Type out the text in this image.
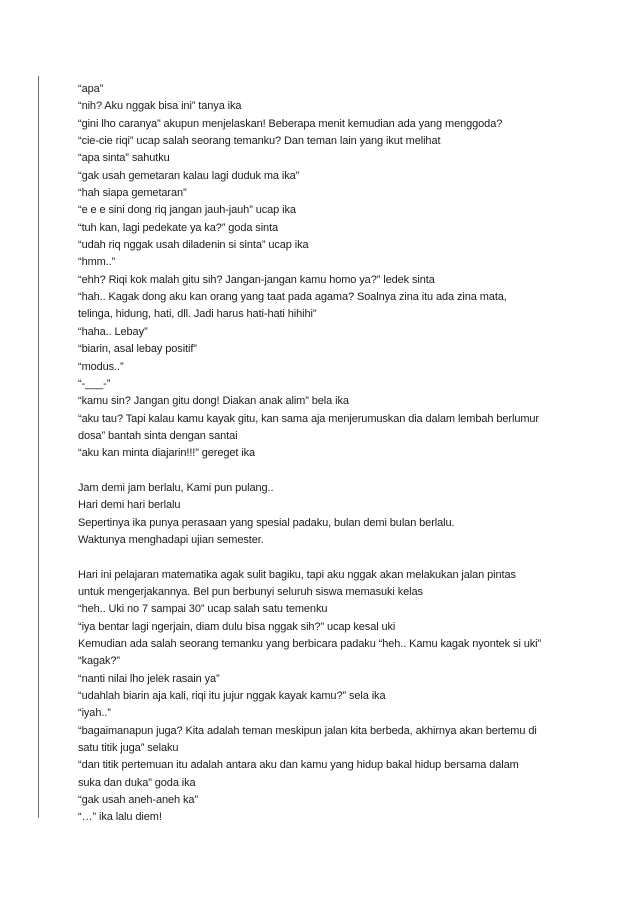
“apa”
“nih? Aku nggak bisa ini” tanya ika
“gini lho caranya” akupun menjelaskan! Beberapa menit kemudian ada yang menggoda?
“cie-cie riqi” ucap salah seorang temanku? Dan teman lain yang ikut melihat
“apa sinta” sahutku
“gak usah gemetaran kalau lagi duduk ma ika”
“hah siapa gemetaran”
“e e e sini dong riq jangan jauh-jauh” ucap ika
“tuh kan, lagi pedekate ya ka?” goda sinta
“udah riq nggak usah diladenin si sinta” ucap ika
“hmm..”
“ehh? Riqi kok malah gitu sih? Jangan-jangan kamu homo ya?” ledek sinta
“hah.. Kagak dong aku kan orang yang taat pada agama? Soalnya zina itu ada zina mata,
telinga, hidung, hati, dll. Jadi harus hati-hati hihihi”
“haha.. Lebay”
“biarin, asal lebay positif”
“modus..”
“-___-”
“kamu sin? Jangan gitu dong! Diakan anak alim” bela ika
“aku tau? Tapi kalau kamu kayak gitu, kan sama aja menjerumuskan dia dalam lembah berlumur
dosa” bantah sinta dengan santai
“aku kan minta diajarin!!!” gereget ika
Jam demi jam berlalu, Kami pun pulang..
Hari demi hari berlalu
Sepertinya ika punya perasaan yang spesial padaku, bulan demi bulan berlalu.
Waktunya menghadapi ujian semester.
Hari ini pelajaran matematika agak sulit bagiku, tapi aku nggak akan melakukan jalan pintas
untuk mengerjakannya. Bel pun berbunyi seluruh siswa memasuki kelas
“heh.. Uki no 7 sampai 30” ucap salah satu temenku
“iya bentar lagi ngerjain, diam dulu bisa nggak sih?” ucap kesal uki
Kemudian ada salah seorang temanku yang berbicara padaku “heh.. Kamu kagak nyontek si uki”
“kagak?”
“nanti nilai lho jelek rasain ya”
“udahlah biarin aja kali, riqi itu jujur nggak kayak kamu?” sela ika
“iyah..”
“bagaimanapun juga? Kita adalah teman meskipun jalan kita berbeda, akhirnya akan bertemu di
satu titik juga” selaku
“dan titik pertemuan itu adalah antara aku dan kamu yang hidup bakal hidup bersama dalam
suka dan duka” goda ika
“gak usah aneh-aneh ka”
“…” ika lalu diem!
